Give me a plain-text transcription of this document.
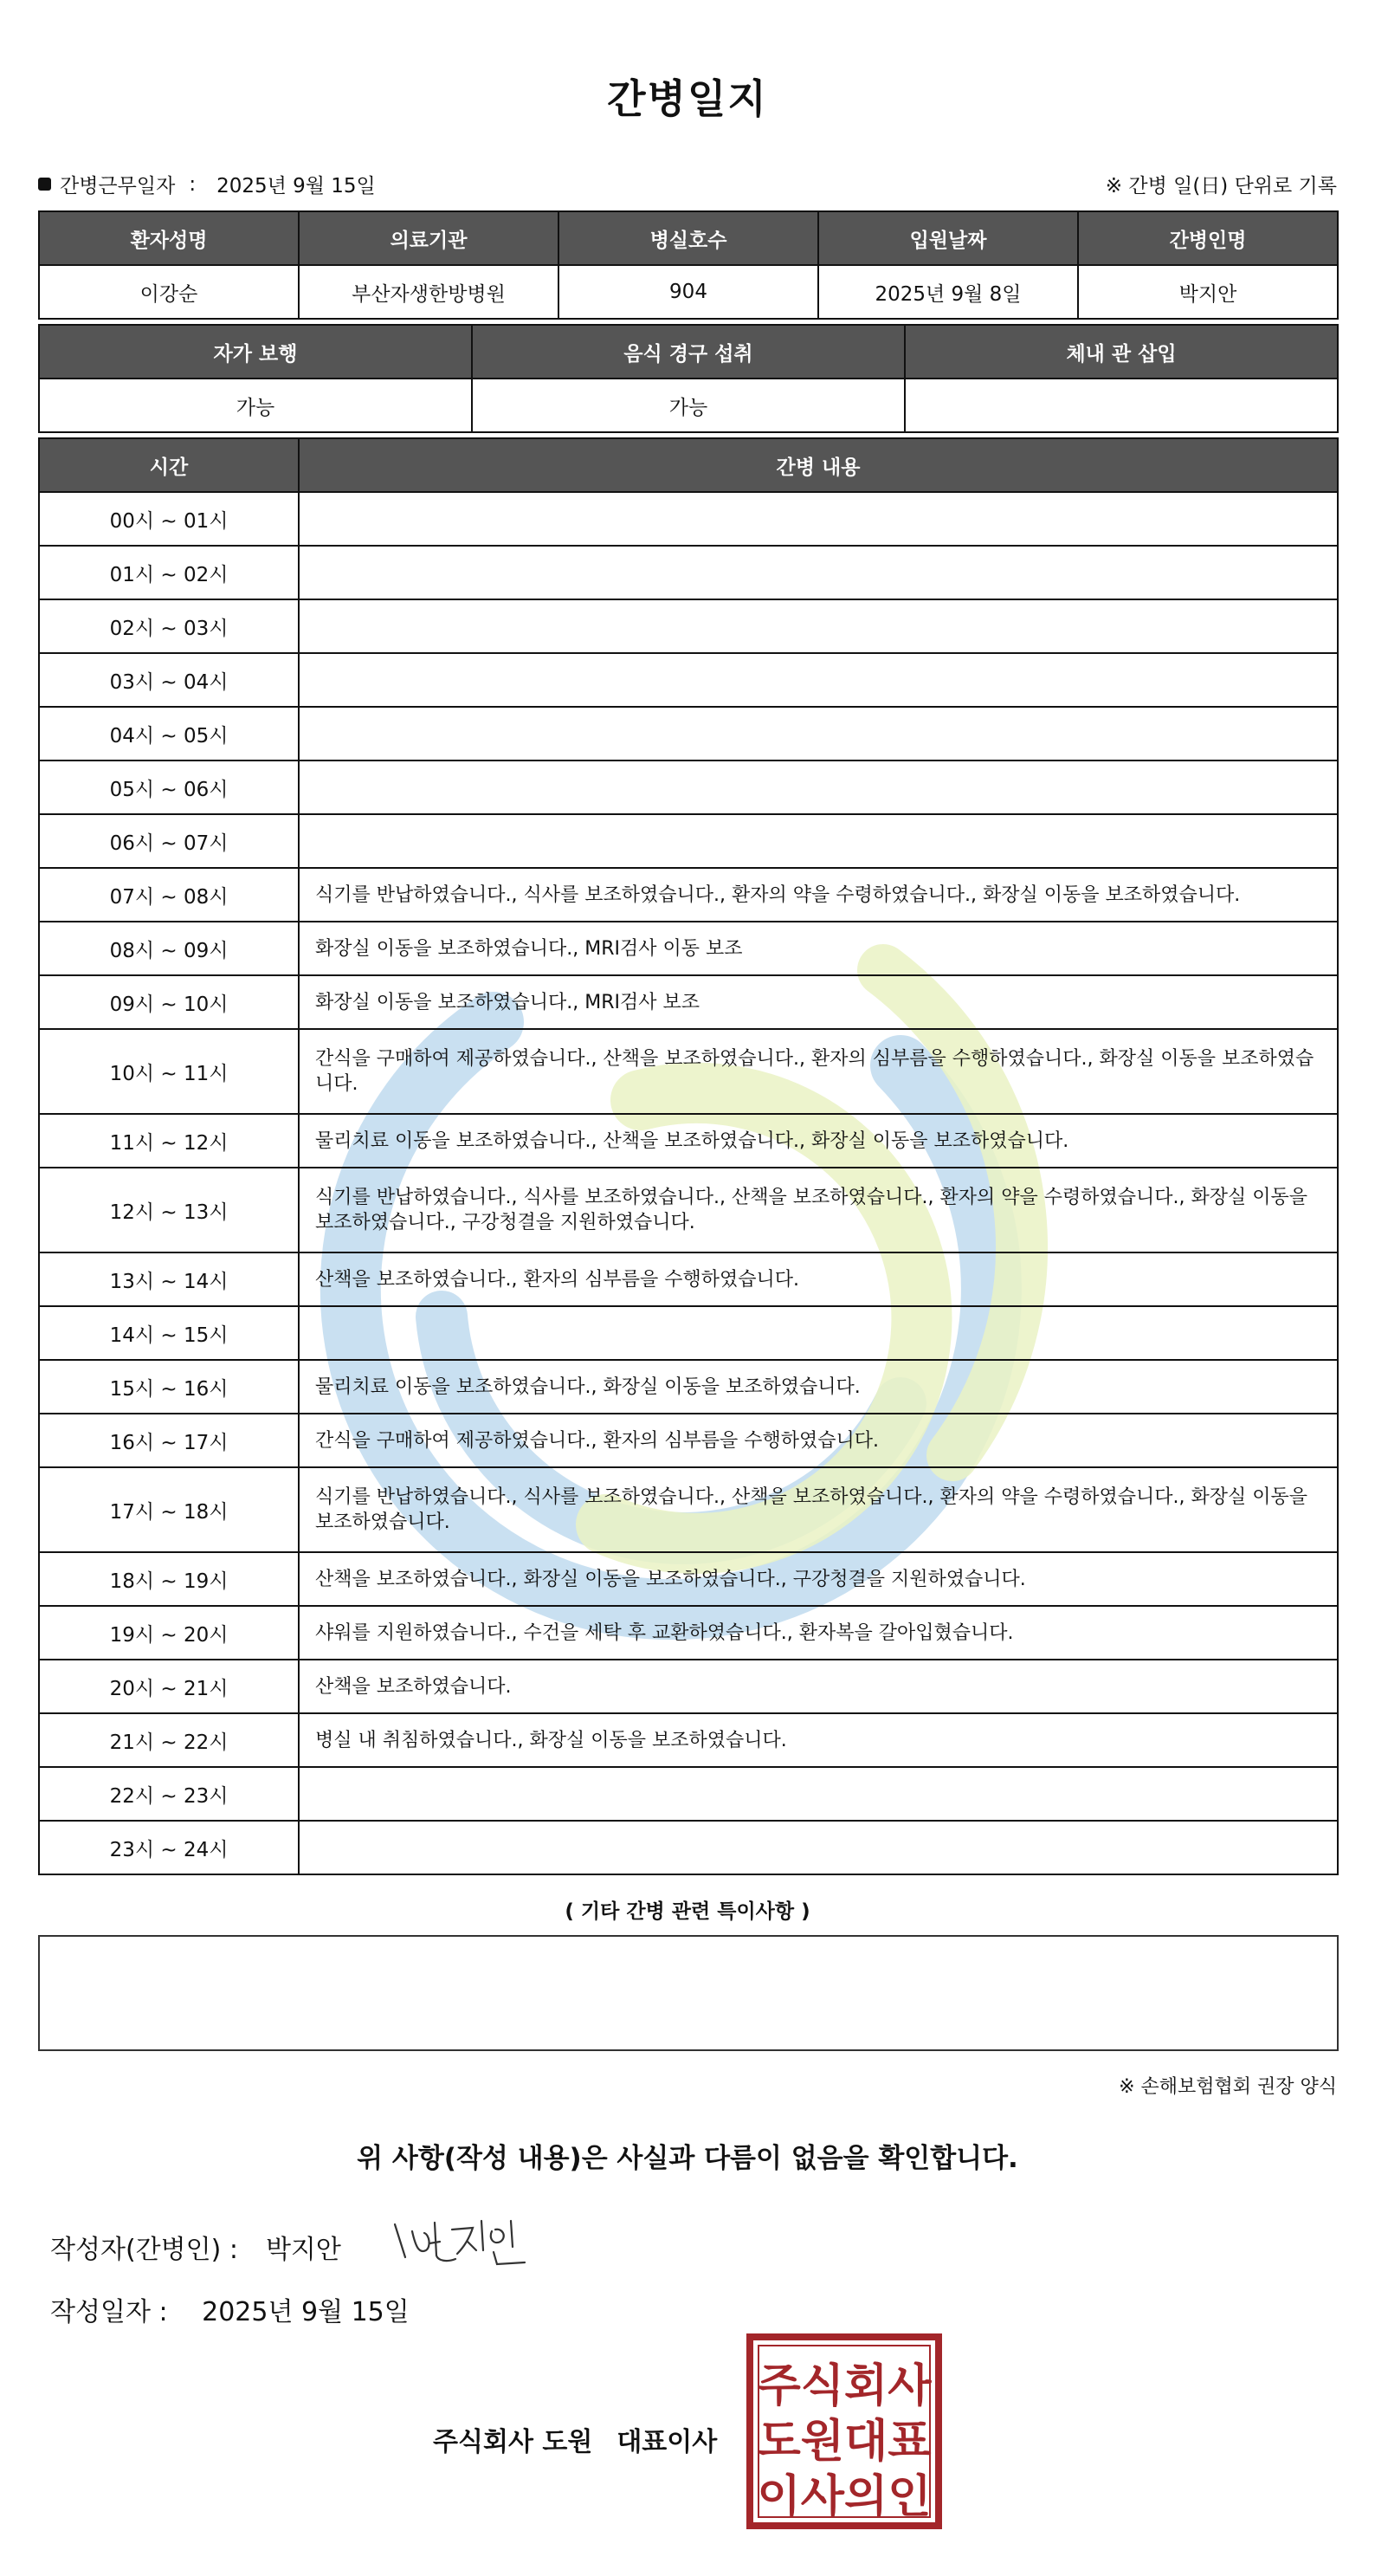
간병일지
간병근무일자 : 2025년 9월 15일	※ 간병 일(日) 단위로 기록
환자성명	의료기관	병실호수	입원날짜	간병인명
이강순	부산자생한방병원	904	2025년 9월 8일	박지안
자가 보행	음식 경구 섭취	체내 관 삽입
가능	가능	
시간	간병 내용
00시 ~ 01시	
01시 ~ 02시	
02시 ~ 03시	
03시 ~ 04시	
04시 ~ 05시	
05시 ~ 06시	
06시 ~ 07시	
07시 ~ 08시	식기를 반납하였습니다., 식사를 보조하였습니다., 환자의 약을 수령하였습니다., 화장실 이동을 보조하였습니다.
08시 ~ 09시	화장실 이동을 보조하였습니다., MRI검사 이동 보조
09시 ~ 10시	화장실 이동을 보조하였습니다., MRI검사 보조
10시 ~ 11시	간식을 구매하여 제공하였습니다., 산책을 보조하였습니다., 환자의 심부름을 수행하였습니다., 화장실 이동을 보조하였습니다.
11시 ~ 12시	물리치료 이동을 보조하였습니다., 산책을 보조하였습니다., 화장실 이동을 보조하였습니다.
12시 ~ 13시	식기를 반납하였습니다., 식사를 보조하였습니다., 산책을 보조하였습니다., 환자의 약을 수령하였습니다., 화장실 이동을 보조하였습니다., 구강청결을 지원하였습니다.
13시 ~ 14시	산책을 보조하였습니다., 환자의 심부름을 수행하였습니다.
14시 ~ 15시	
15시 ~ 16시	물리치료 이동을 보조하였습니다., 화장실 이동을 보조하였습니다.
16시 ~ 17시	간식을 구매하여 제공하였습니다., 환자의 심부름을 수행하였습니다.
17시 ~ 18시	식기를 반납하였습니다., 식사를 보조하였습니다., 산책을 보조하였습니다., 환자의 약을 수령하였습니다., 화장실 이동을 보조하였습니다.
18시 ~ 19시	산책을 보조하였습니다., 화장실 이동을 보조하였습니다., 구강청결을 지원하였습니다.
19시 ~ 20시	샤워를 지원하였습니다., 수건을 세탁 후 교환하였습니다., 환자복을 갈아입혔습니다.
20시 ~ 21시	산책을 보조하였습니다.
21시 ~ 22시	병실 내 취침하였습니다., 화장실 이동을 보조하였습니다.
22시 ~ 23시	
23시 ~ 24시	
( 기타 간병 관련 특이사항 )
※ 손해보험협회 권장 양식
위 사항(작성 내용)은 사실과 다름이 없음을 확인합니다.
작성자(간병인) : 박지안
작성일자 : 2025년 9월 15일
주식회사 도원 대표이사
주식회사
도원대표
이사의인
